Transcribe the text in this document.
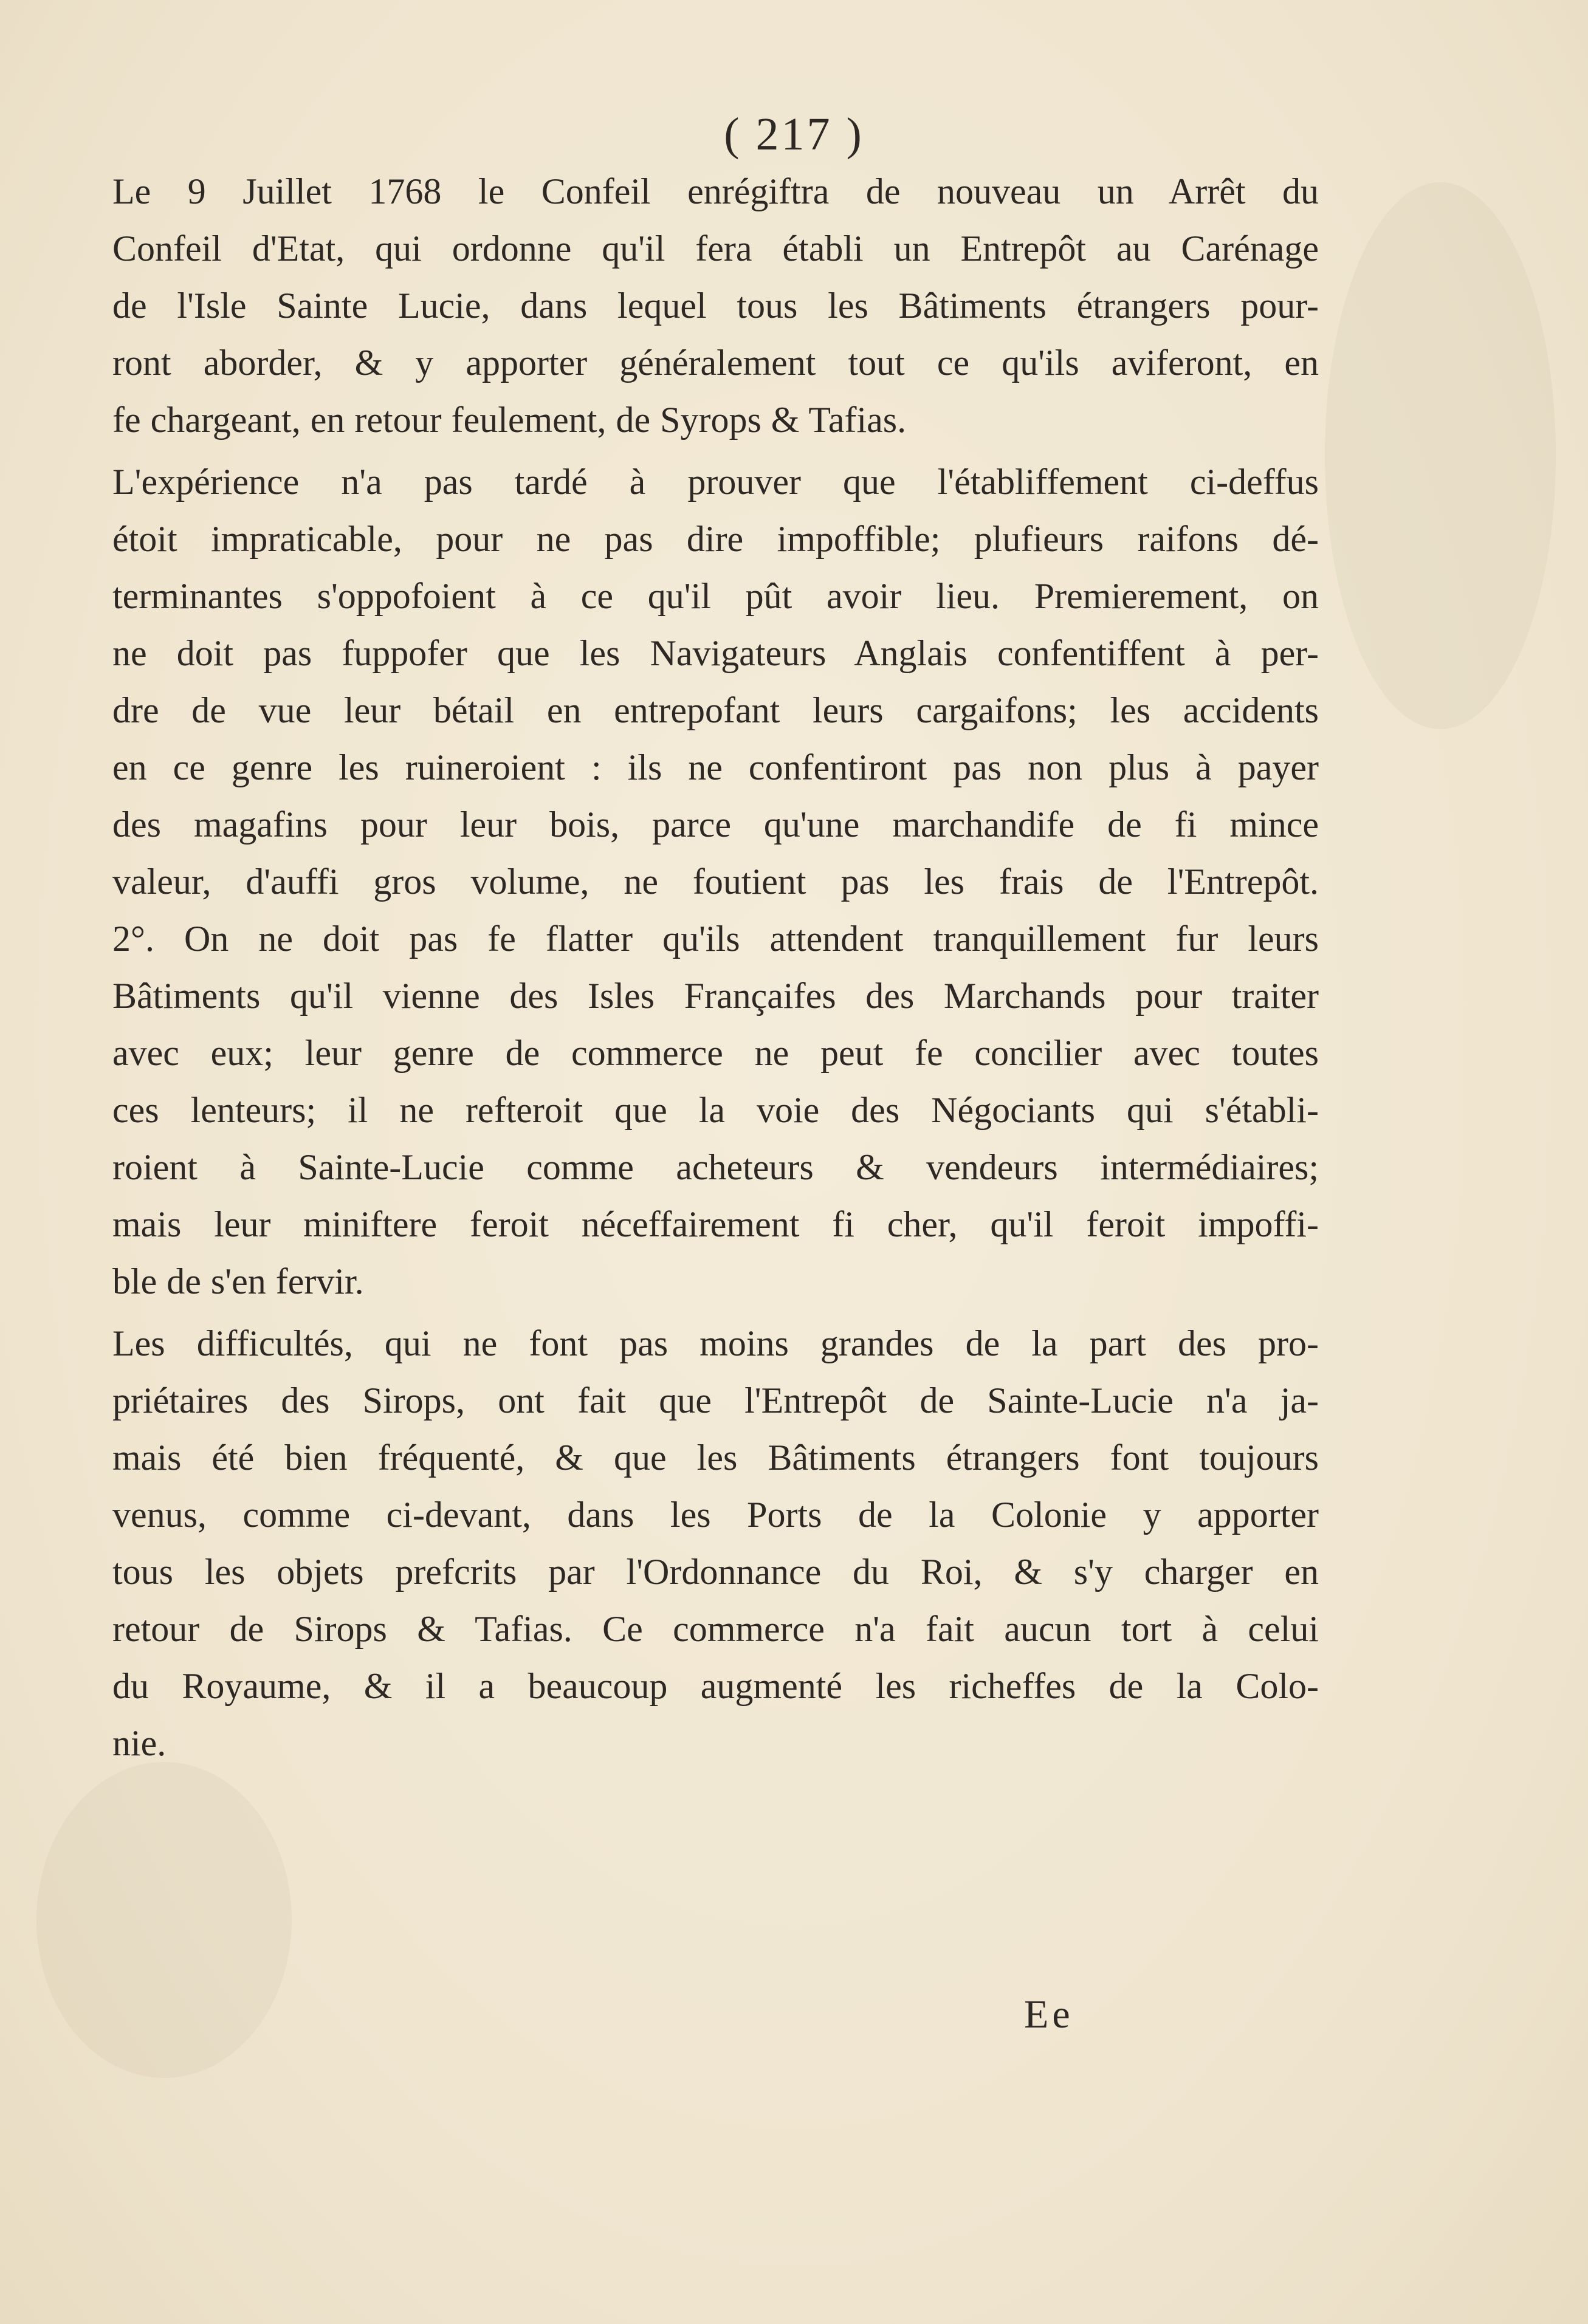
( 217 )
Le 9 Juillet 1768 le Confeil enrégiftra de nouveau un Arrêt du
Confeil d'Etat, qui ordonne qu'il fera établi un Entrepôt au Carénage
de l'Isle Sainte Lucie, dans lequel tous les Bâtiments étrangers pour-
ront aborder, & y apporter généralement tout ce qu'ils aviferont, en
fe chargeant, en retour feulement, de Syrops & Tafias.
L'expérience n'a pas tardé à prouver que l'établiffement ci-deffus
étoit impraticable, pour ne pas dire impoffible; plufieurs raifons dé-
terminantes s'oppofoient à ce qu'il pût avoir lieu. Premierement, on
ne doit pas fuppofer que les Navigateurs Anglais confentiffent à per-
dre de vue leur bétail en entrepofant leurs cargaifons; les accidents
en ce genre les ruineroient : ils ne confentiront pas non plus à payer
des magafins pour leur bois, parce qu'une marchandife de fi mince
valeur, d'auffi gros volume, ne foutient pas les frais de l'Entrepôt.
2°. On ne doit pas fe flatter qu'ils attendent tranquillement fur leurs
Bâtiments qu'il vienne des Isles Françaifes des Marchands pour traiter
avec eux; leur genre de commerce ne peut fe concilier avec toutes
ces lenteurs; il ne refteroit que la voie des Négociants qui s'établi-
roient à Sainte-Lucie comme acheteurs & vendeurs intermédiaires;
mais leur miniftere feroit néceffairement fi cher, qu'il feroit impoffi-
ble de s'en fervir.
Les difficultés, qui ne font pas moins grandes de la part des pro-
priétaires des Sirops, ont fait que l'Entrepôt de Sainte-Lucie n'a ja-
mais été bien fréquenté, & que les Bâtiments étrangers font toujours
venus, comme ci-devant, dans les Ports de la Colonie y apporter
tous les objets prefcrits par l'Ordonnance du Roi, & s'y charger en
retour de Sirops & Tafias. Ce commerce n'a fait aucun tort à celui
du Royaume, & il a beaucoup augmenté les richeffes de la Colo-
nie.
Ee
